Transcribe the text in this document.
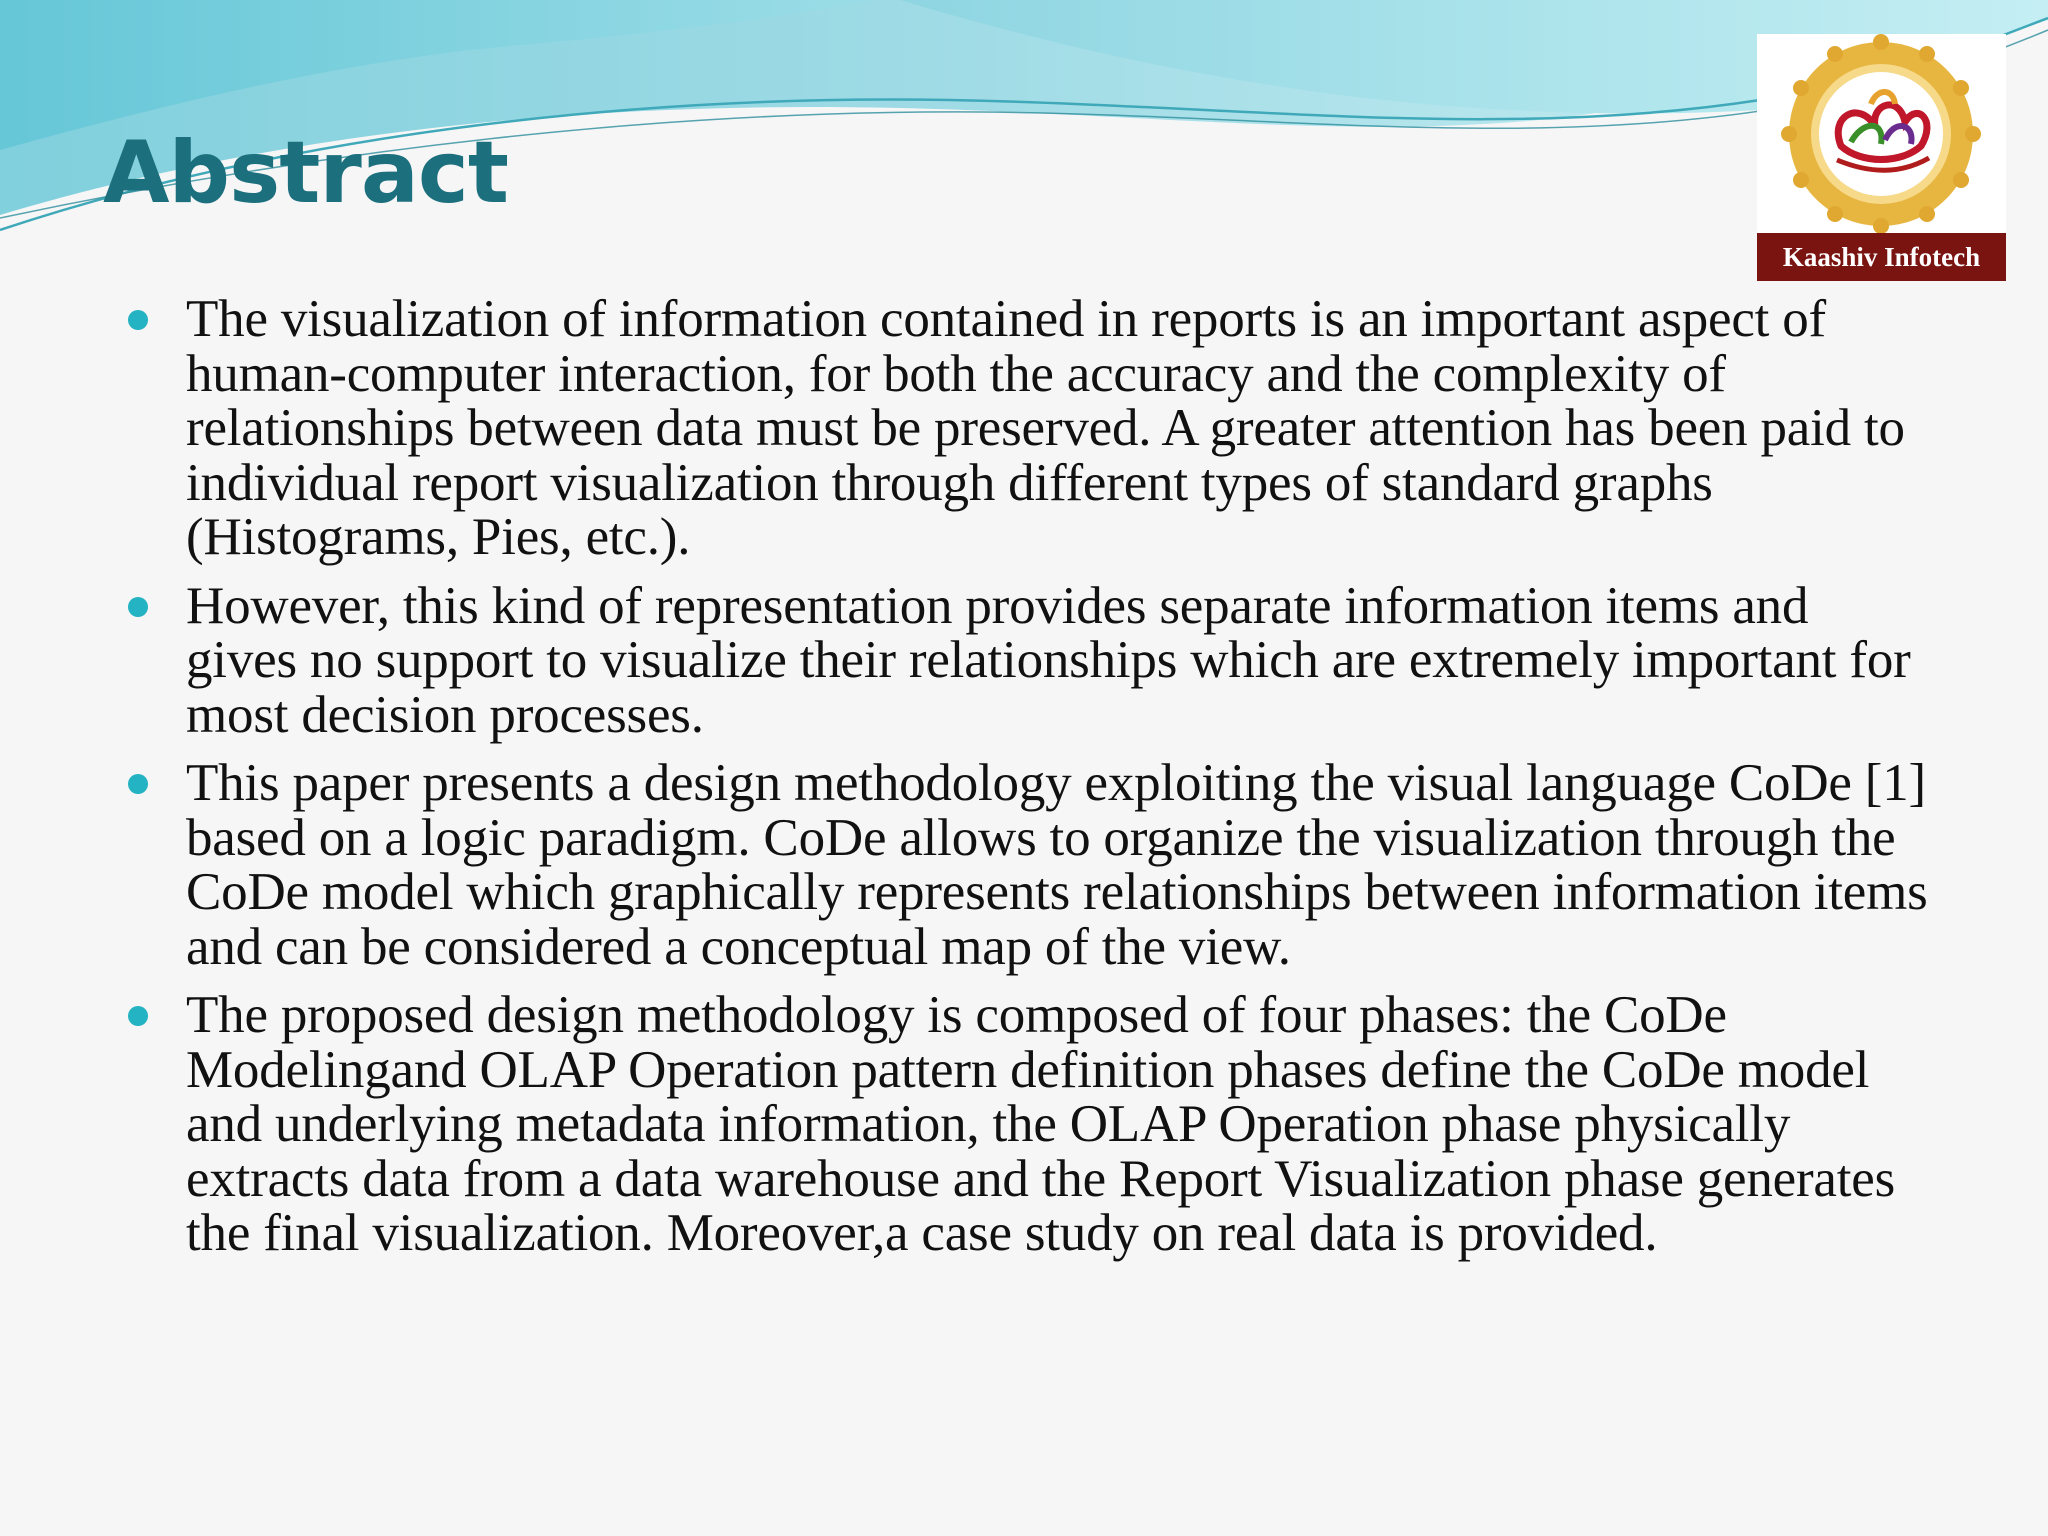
Abstract
Kaashiv Infotech
The visualization of information contained in reports is an important aspect of human-computer interaction, for both the accuracy and the complexity of relationships between data must be preserved. A greater attention has been paid to individual report visualization through different types of standard graphs (Histograms, Pies, etc.).
However, this kind of representation provides separate information items and gives no support to visualize their relationships which are extremely important for most decision processes.
This paper presents a design methodology exploiting the visual language CoDe [1] based on a logic paradigm. CoDe allows to organize the visualization through the CoDe model which graphically represents relationships between information items and can be considered a conceptual map of the view.
The proposed design methodology is composed of four phases: the CoDe Modelingand OLAP Operation pattern definition phases define the CoDe model and underlying metadata information, the OLAP Operation phase physically extracts data from a data warehouse and the Report Visualization phase generates the final visualization. Moreover,a case study on real data is provided.
